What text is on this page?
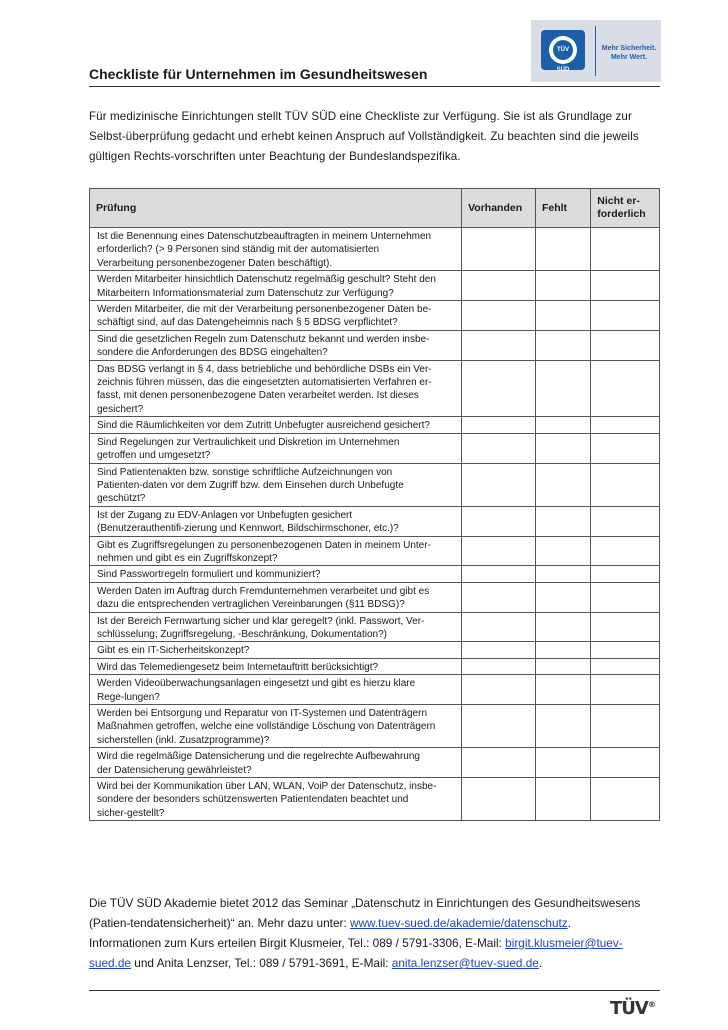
TÜV SÜD
Mehr Sicherheit.
Mehr Wert.
Checkliste für Unternehmen im Gesundheitswesen
Für medizinische Einrichtungen stellt TÜV SÜD eine Checkliste zur Verfügung. Sie ist als Grundlage zur Selbst-überprüfung gedacht und erhebt keinen Anspruch auf Vollständigkeit. Zu beachten sind die jeweils gültigen Rechts-vorschriften unter Beachtung der Bundeslandspezifika.
Prüfung	Vorhanden	Fehlt	Nicht er-forderlich

Ist die Benennung eines Datenschutzbeauftragten in meinem Unternehmen erforderlich? (> 9 Personen sind ständig mit der automatisierten Verarbeitung personenbezogener Daten beschäftigt).			

Werden Mitarbeiter hinsichtlich Datenschutz regelmäßig geschult? Steht den Mitarbeitern Informationsmaterial zum Datenschutz zur Verfügung?			

Werden Mitarbeiter, die mit der Verarbeitung personenbezogener Daten be-schäftigt sind, auf das Datengeheimnis nach § 5 BDSG verpflichtet?			

Sind die gesetzlichen Regeln zum Datenschutz bekannt und werden insbe-sondere die Anforderungen des BDSG eingehalten?			

Das BDSG verlangt in § 4, dass betriebliche und behördliche DSBs ein Ver-zeichnis führen müssen, das die eingesetzten automatisierten Verfahren er-fasst, mit denen personenbezogene Daten verarbeitet werden. Ist dieses gesichert?			

Sind die Räumlichkeiten vor dem Zutritt Unbefugter ausreichend gesichert?			

Sind Regelungen zur Vertraulichkeit und Diskretion im Unternehmen getroffen und umgesetzt?			

Sind Patientenakten bzw. sonstige schriftliche Aufzeichnungen von Patienten-daten vor dem Zugriff bzw. dem Einsehen durch Unbefugte geschützt?			

Ist der Zugang zu EDV-Anlagen vor Unbefugten gesichert (Benutzerauthentifi-zierung und Kennwort, Bildschirmschoner, etc.)?			

Gibt es Zugriffsregelungen zu personenbezogenen Daten in meinem Unter-nehmen und gibt es ein Zugriffskonzept?			

Sind Passwortregeln formuliert und kommuniziert?			

Werden Daten im Auftrag durch Fremdunternehmen verarbeitet und gibt es dazu die entsprechenden vertraglichen Vereinbarungen (§11 BDSG)?			

Ist der Bereich Fernwartung sicher und klar geregelt? (inkl. Passwort, Ver-schlüsselung; Zugriffsregelung, -Beschränkung, Dokumentation?)			

Gibt es ein IT-Sicherheitskonzept?			

Wird das Telemediengesetz beim Internetauftritt berücksichtigt?			

Werden Videoüberwachungsanlagen eingesetzt und gibt es hierzu klare Rege-lungen?			

Werden bei Entsorgung und Reparatur von IT-Systemen und Datenträgern Maßnahmen getroffen, welche eine vollständige Löschung von Datenträgern sicherstellen (inkl. Zusatzprogramme)?			

Wird die regelmäßige Datensicherung und die regelrechte Aufbewahrung der Datensicherung gewährleistet?			

Wird bei der Kommunikation über LAN, WLAN, VoiP der Datenschutz, insbe-sondere der besonders schützenswerten Patientendaten beachtet und sicher-gestellt?			

Die TÜV SÜD Akademie bietet 2012 das Seminar „Datenschutz in Einrichtungen des Gesundheitswesens (Patien-tendatensicherheit)“ an. Mehr dazu unter: www.tuev-sued.de/akademie/datenschutz.
Informationen zum Kurs erteilen Birgit Klusmeier, Tel.: 089 / 5791-3306, E-Mail: birgit.klusmeier@tuev-sued.de und Anita Lenzser, Tel.: 089 / 5791-3691, E-Mail: anita.lenzser@tuev-sued.de.
TÜV®
